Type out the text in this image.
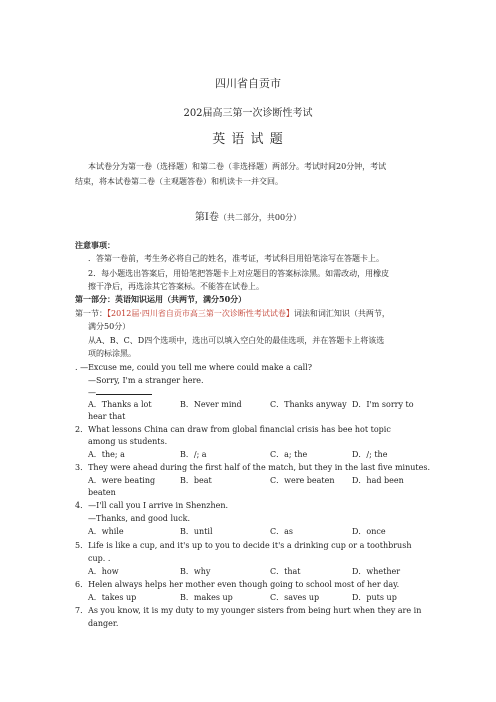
四川省自贡市
202届高三第一次诊断性考试
英 语 试 题
本试卷分为第一卷（选择题）和第二卷（非选择题）两部分。考试时间20分钟，考试
结束，将本试卷第二卷（主观题答卷）和机读卡一并交回。
第Ⅰ卷（共二部分，共00分）
注意事项：
．答第一卷前，考生务必将自己的姓名，准考证，考试科目用铅笔涂写在答题卡上。
2．每小题选出答案后，用铅笔把答题卡上对应题目的答案标涂黑。如需改动，用橡皮
擦干净后，再选涂其它答案标。不能答在试卷上。
第一部分：英语知识运用（共两节，满分50分）
第一节：【2012届·四川省自贡市高三第一次诊断性考试试卷】词法和词汇知识（共两节，
满分50分）
从A、B、C、D四个选项中，选出可以填入空白处的最佳选项，并在答题卡上将该选
项的标涂黑。
. —Excuse me, could you tell me where could make a call?
—Sorry, I'm a stranger here.
—
A．Thanks a lot	B．Never mind	C．Thanks anyway D．I'm sorry to
hear that
2．What lessons China can draw from global financial crisis has bee hot topic
among us students.
A．the; a	B．/; a	C．a; the	D．/; the
3．They were ahead during the first half of the match, but they in the last five minutes.
A．were beating	B．beat	C．were beaten D．had been
beaten
4．—I'll call you I arrive in Shenzhen.
—Thanks, and good luck.
A．while	B．until	C．as	D．once
5．Life is like a cup, and it's up to you to decide it's a drinking cup or a toothbrush
cup. .
A．how	B．why	C．that	D．whether
6．Helen always helps her mother even though going to school most of her day.
A．takes up	B．makes up	C．saves up	D．puts up
7．As you know, it is my duty to my younger sisters from being hurt when they are in
danger.
